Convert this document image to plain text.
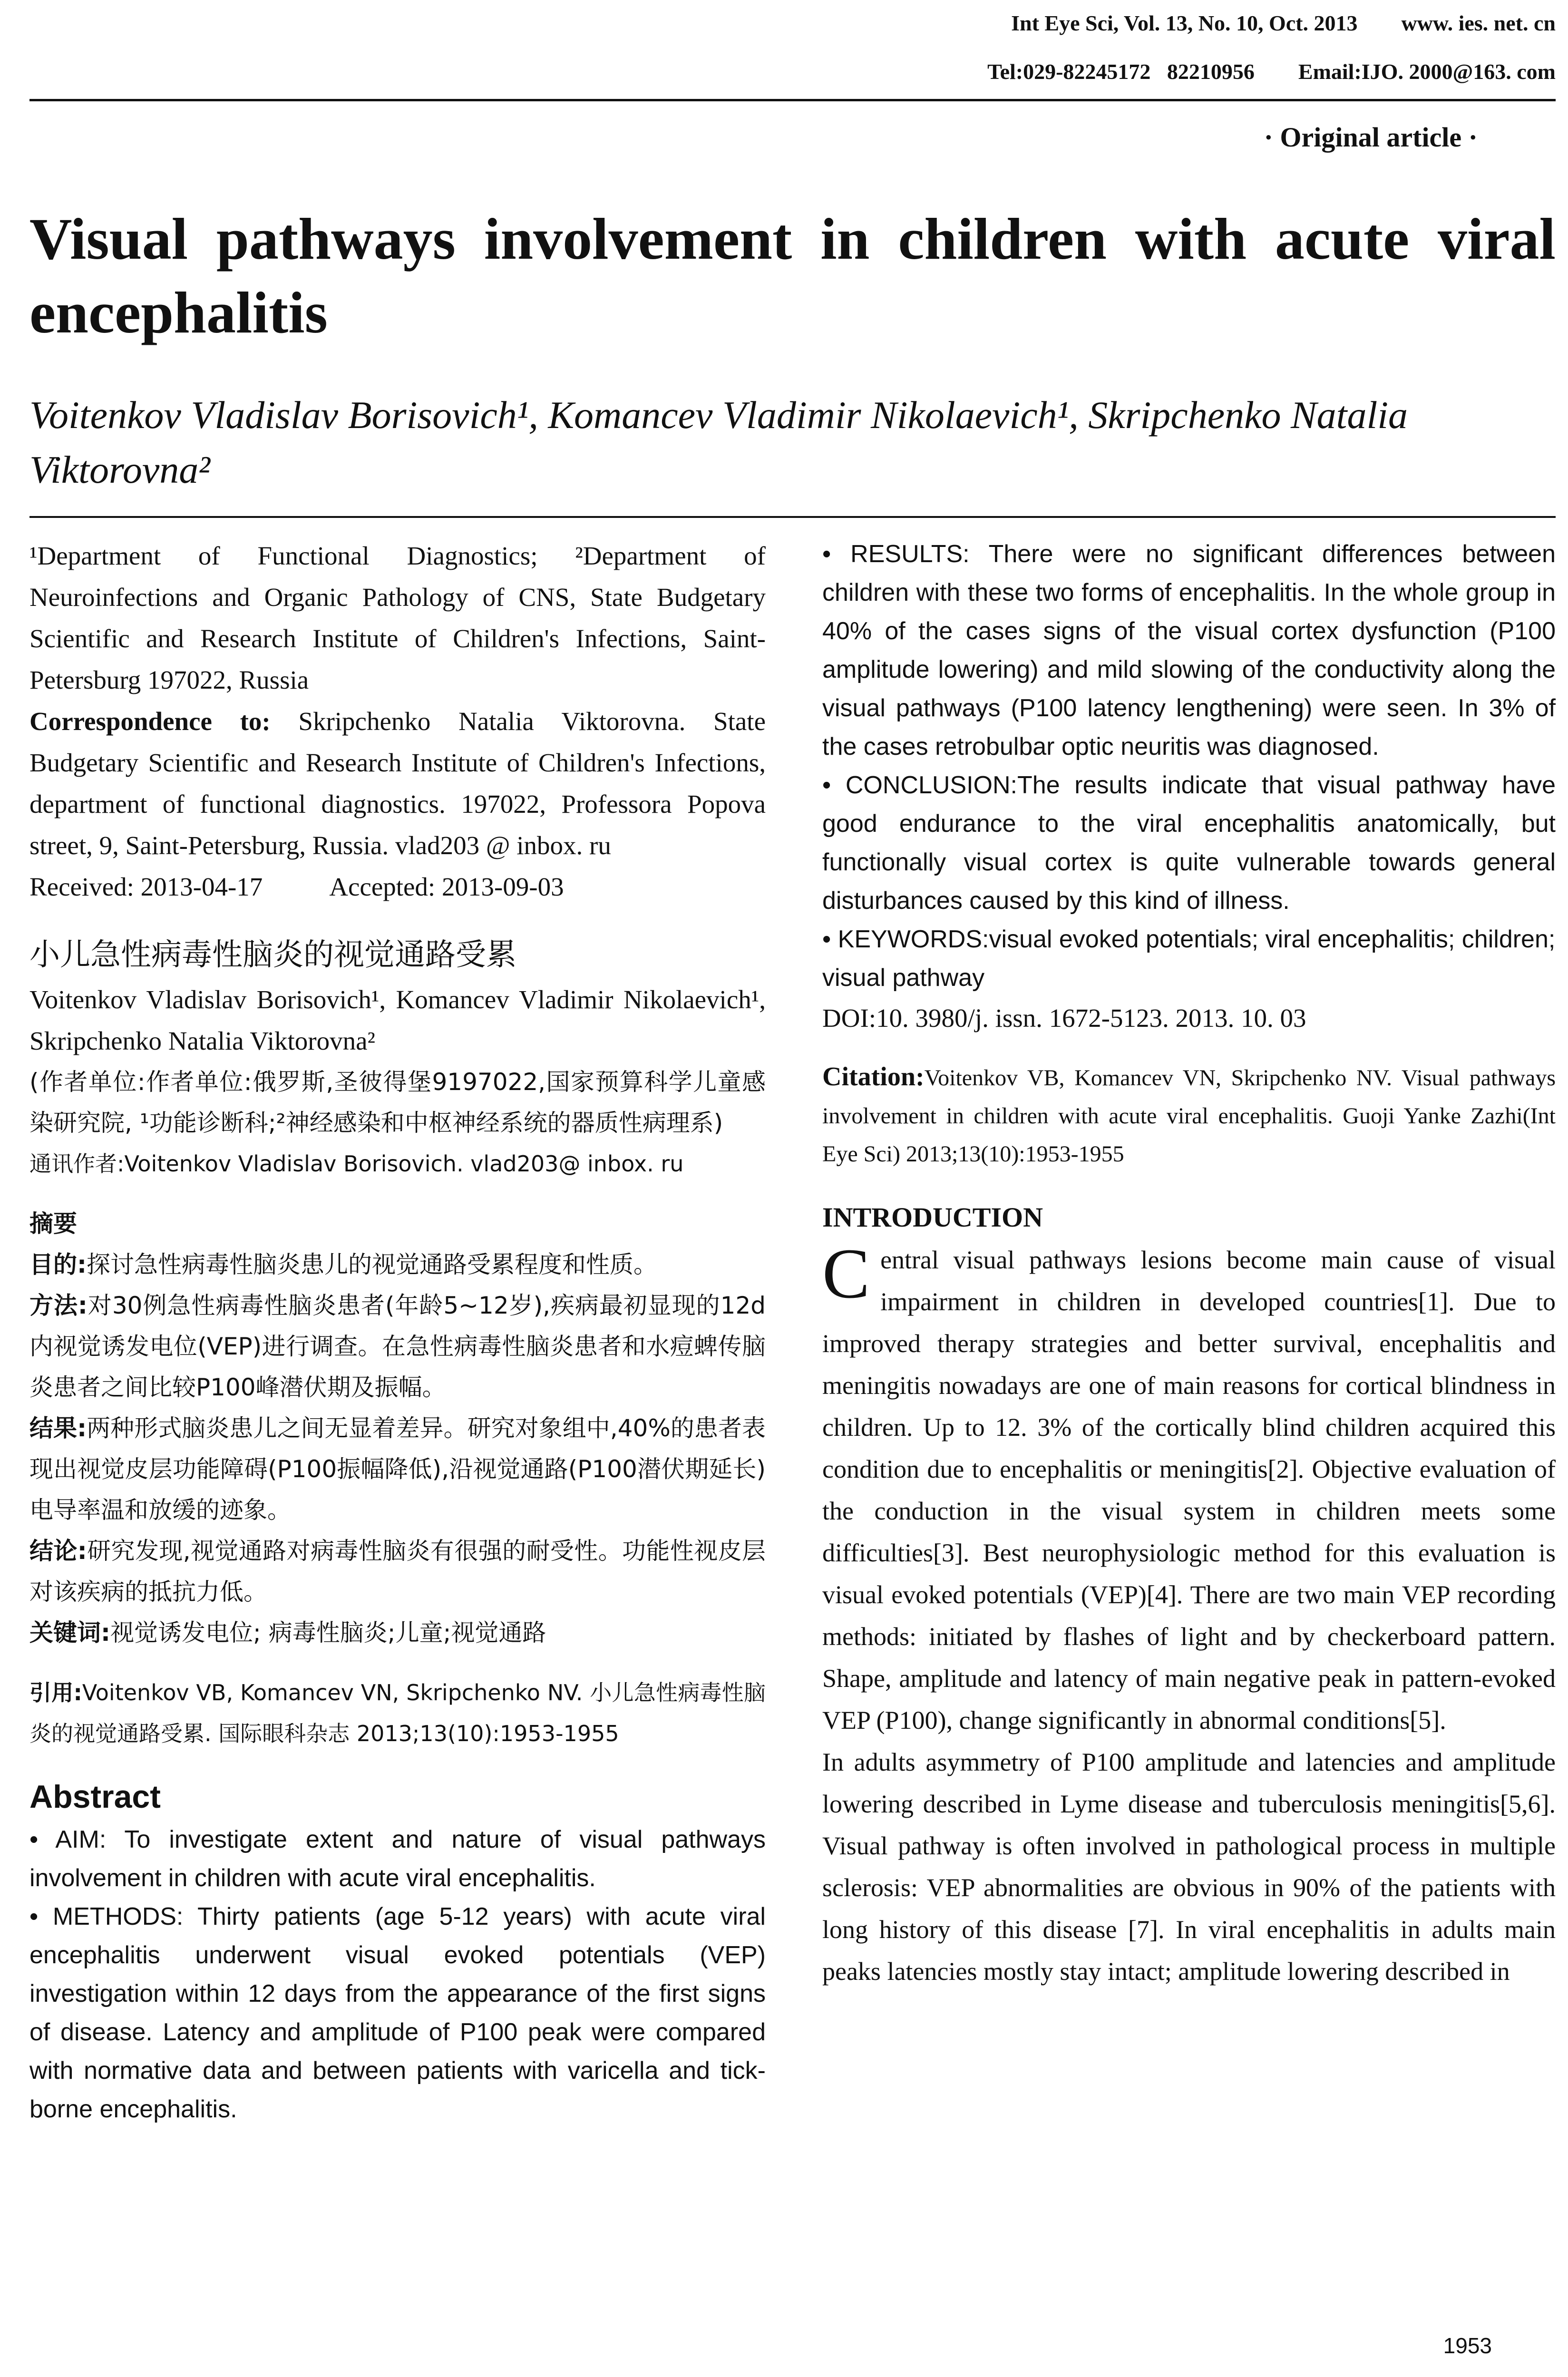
Int Eye Sci, Vol. 13, No. 10, Oct. 2013        www. ies. net. cn
Tel:029-82245172   82210956        Email:IJO. 2000@163. com
· Original article ·
Visual pathways involvement in children with acute viral encephalitis
Voitenkov Vladislav Borisovich¹, Komancev Vladimir Nikolaevich¹, Skripchenko Natalia Viktorovna²

¹Department of Functional Diagnostics; ²Department of Neuroinfections and Organic Pathology of CNS, State Budgetary Scientific and Research Institute of Children's Infections, Saint-Petersburg 197022, Russia

Correspondence to: Skripchenko Natalia Viktorovna. State Budgetary Scientific and Research Institute of Children's Infections, department of functional diagnostics. 197022, Professora Popova street, 9, Saint-Petersburg, Russia. vlad203 @ inbox. ru

Received: 2013-04-17	Accepted: 2013-09-03

小儿急性病毒性脑炎的视觉通路受累

Voitenkov Vladislav Borisovich¹, Komancev Vladimir Nikolaevich¹, Skripchenko Natalia Viktorovna²

(作者单位:作者单位:俄罗斯,圣彼得堡9197022,国家预算科学儿童感染研究院, ¹功能诊断科;²神经感染和中枢神经系统的器质性病理系)

通讯作者:Voitenkov Vladislav Borisovich. vlad203@ inbox. ru

摘要

目的:探讨急性病毒性脑炎患儿的视觉通路受累程度和性质。

方法:对30例急性病毒性脑炎患者(年龄5~12岁),疾病最初显现的12d内视觉诱发电位(VEP)进行调查。在急性病毒性脑炎患者和水痘蜱传脑炎患者之间比较P100峰潜伏期及振幅。

结果:两种形式脑炎患儿之间无显着差异。研究对象组中,40%的患者表现出视觉皮层功能障碍(P100振幅降低),沿视觉通路(P100潜伏期延长)电导率温和放缓的迹象。

结论:研究发现,视觉通路对病毒性脑炎有很强的耐受性。功能性视皮层对该疾病的抵抗力低。

关键词:视觉诱发电位; 病毒性脑炎;儿童;视觉通路

引用:Voitenkov VB, Komancev VN, Skripchenko NV. 小儿急性病毒性脑炎的视觉通路受累. 国际眼科杂志 2013;13(10):1953-1955

Abstract

• AIM: To investigate extent and nature of visual pathways involvement in children with acute viral encephalitis.

• METHODS: Thirty patients (age 5-12 years) with acute viral encephalitis underwent visual evoked potentials (VEP) investigation within 12 days from the appearance of the first signs of disease. Latency and amplitude of P100 peak were compared with normative data and between patients with varicella and tick-borne encephalitis.

• RESULTS: There were no significant differences between children with these two forms of encephalitis. In the whole group in 40% of the cases signs of the visual cortex dysfunction (P100 amplitude lowering) and mild slowing of the conductivity along the visual pathways (P100 latency lengthening) were seen. In 3% of the cases retrobulbar optic neuritis was diagnosed.

• CONCLUSION:The results indicate that visual pathway have good endurance to the viral encephalitis anatomically, but functionally visual cortex is quite vulnerable towards general disturbances caused by this kind of illness.

• KEYWORDS:visual evoked potentials; viral encephalitis; children; visual pathway

DOI:10. 3980/j. issn. 1672-5123. 2013. 10. 03

Citation:Voitenkov VB, Komancev VN, Skripchenko NV. Visual pathways involvement in children with acute viral encephalitis. Guoji Yanke Zazhi(Int Eye Sci) 2013;13(10):1953-1955

INTRODUCTION

Central visual pathways lesions become main cause of visual impairment in children in developed countries[1]. Due to improved therapy strategies and better survival, encephalitis and meningitis nowadays are one of main reasons for cortical blindness in children. Up to 12. 3% of the cortically blind children acquired this condition due to encephalitis or meningitis[2]. Objective evaluation of the conduction in the visual system in children meets some difficulties[3]. Best neurophysiologic method for this evaluation is visual evoked potentials (VEP)[4]. There are two main VEP recording methods: initiated by flashes of light and by checkerboard pattern. Shape, amplitude and latency of main negative peak in pattern-evoked VEP (P100), change significantly in abnormal conditions[5].

In adults asymmetry of P100 amplitude and latencies and amplitude lowering described in Lyme disease and tuberculosis meningitis[5,6]. Visual pathway is often involved in pathological process in multiple sclerosis: VEP abnormalities are obvious in 90% of the patients with long history of this disease [7]. In viral encephalitis in adults main peaks latencies mostly stay intact; amplitude lowering described in

1953
